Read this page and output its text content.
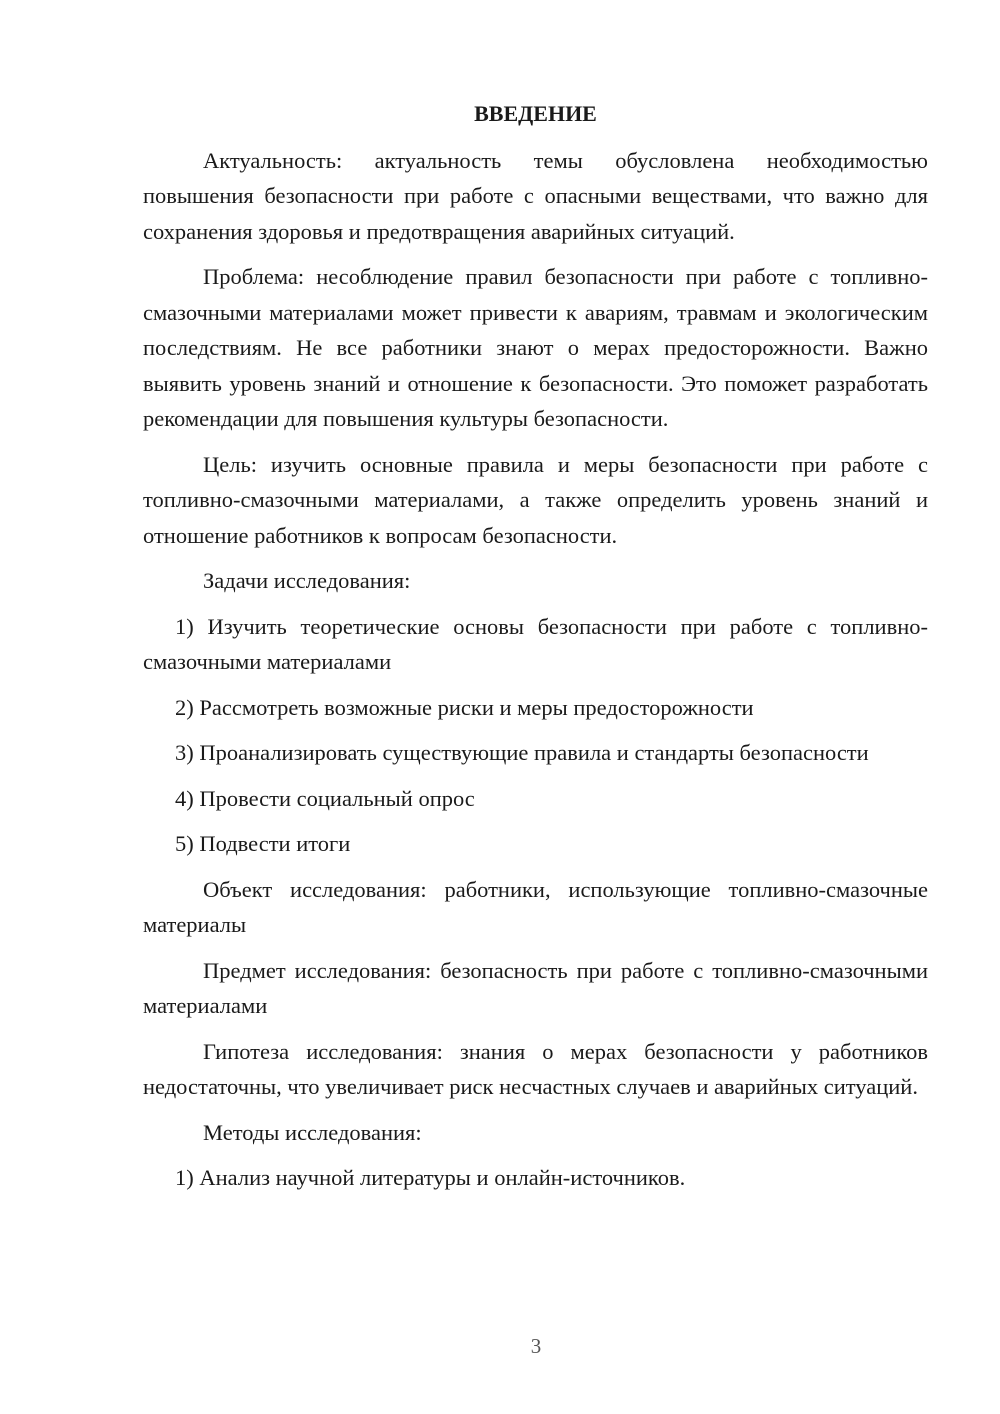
ВВЕДЕНИЕ

Актуальность: актуальность темы обусловлена необходимостью повышения безопасности при работе с опасными веществами, что важно для сохранения здоровья и предотвращения аварийных ситуаций.

Проблема: несоблюдение правил безопасности при работе с топливно-смазочными материалами может привести к авариям, травмам и экологическим последствиям. Не все работники знают о мерах предосторожности. Важно выявить уровень знаний и отношение к безопасности. Это поможет разработать рекомендации для повышения культуры безопасности.

Цель: изучить основные правила и меры безопасности при работе с топливно-смазочными материалами, а также определить уровень знаний и отношение работников к вопросам безопасности.

Задачи исследования:

1) Изучить теоретические основы безопасности при работе с топливно-смазочными материалами

2) Рассмотреть возможные риски и меры предосторожности

3) Проанализировать существующие правила и стандарты безопасности

4) Провести социальный опрос

5) Подвести итоги

Объект исследования: работники, использующие топливно-смазочные материалы

Предмет исследования: безопасность при работе с топливно-смазочными материалами

Гипотеза исследования: знания о мерах безопасности у работников недостаточны, что увеличивает риск несчастных случаев и аварийных ситуаций.

Методы исследования:

1) Анализ научной литературы и онлайн-источников.

3
